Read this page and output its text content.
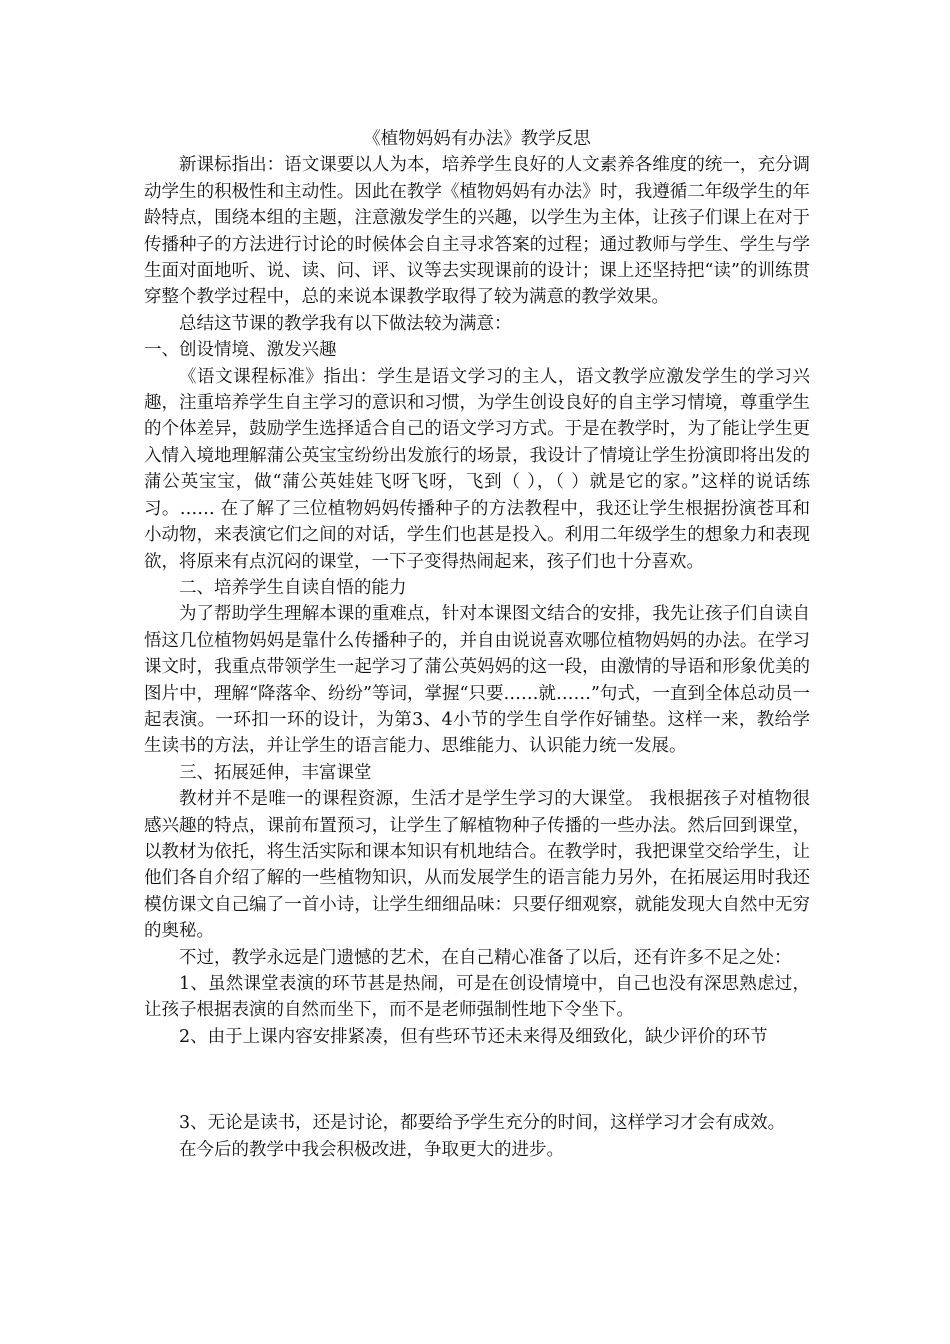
《植物妈妈有办法》教学反思

新课标指出：语文课要以人为本，培养学生良好的人文素养各维度的统一，充分调动学生的积极性和主动性。因此在教学《植物妈妈有办法》时，我遵循二年级学生的年龄特点，围绕本组的主题，注意激发学生的兴趣，以学生为主体，让孩子们课上在对于传播种子的方法进行讨论的时候体会自主寻求答案的过程；通过教师与学生、学生与学生面对面地听、说、读、问、评、议等去实现课前的设计；课上还坚持把“读”的训练贯穿整个教学过程中，总的来说本课教学取得了较为满意的教学效果。

总结这节课的教学我有以下做法较为满意：

一、创设情境、激发兴趣

《语文课程标准》指出：学生是语文学习的主人，语文教学应激发学生的学习兴趣，注重培养学生自主学习的意识和习惯，为学生创设良好的自主学习情境，尊重学生的个体差异，鼓励学生选择适合自己的语文学习方式。于是在教学时，为了能让学生更入情入境地理解蒲公英宝宝纷纷出发旅行的场景，我设计了情境让学生扮演即将出发的蒲公英宝宝，做“蒲公英娃娃飞呀飞呀，飞到（ ），（ ）就是它的家。”这样的说话练习。…… 在了解了三位植物妈妈传播种子的方法教程中，我还让学生根据扮演苍耳和小动物，来表演它们之间的对话，学生们也甚是投入。利用二年级学生的想象力和表现欲，将原来有点沉闷的课堂，一下子变得热闹起来，孩子们也十分喜欢。

二、培养学生自读自悟的能力

为了帮助学生理解本课的重难点，针对本课图文结合的安排，我先让孩子们自读自悟这几位植物妈妈是靠什么传播种子的，并自由说说喜欢哪位植物妈妈的办法。在学习课文时，我重点带领学生一起学习了蒲公英妈妈的这一段，由激情的导语和形象优美的图片中，理解“降落伞、纷纷”等词，掌握“只要……就……”句式，一直到全体总动员一起表演。一环扣一环的设计，为第3、4小节的学生自学作好铺垫。这样一来，教给学生读书的方法，并让学生的语言能力、思维能力、认识能力统一发展。

三、拓展延伸，丰富课堂

教材并不是唯一的课程资源，生活才是学生学习的大课堂。 我根据孩子对植物很感兴趣的特点，课前布置预习，让学生了解植物种子传播的一些办法。然后回到课堂，以教材为依托，将生活实际和课本知识有机地结合。在教学时，我把课堂交给学生，让他们各自介绍了解的一些植物知识，从而发展学生的语言能力另外，在拓展运用时我还模仿课文自己编了一首小诗，让学生细细品味：只要仔细观察，就能发现大自然中无穷的奥秘。

不过，教学永远是门遗憾的艺术，在自己精心准备了以后，还有许多不足之处：

1、虽然课堂表演的环节甚是热闹，可是在创设情境中，自己也没有深思熟虑过，让孩子根据表演的自然而坐下，而不是老师强制性地下令坐下。

2、由于上课内容安排紧凑，但有些环节还未来得及细致化，缺少评价的环节

3、无论是读书，还是讨论，都要给予学生充分的时间，这样学习才会有成效。

在今后的教学中我会积极改进，争取更大的进步。
